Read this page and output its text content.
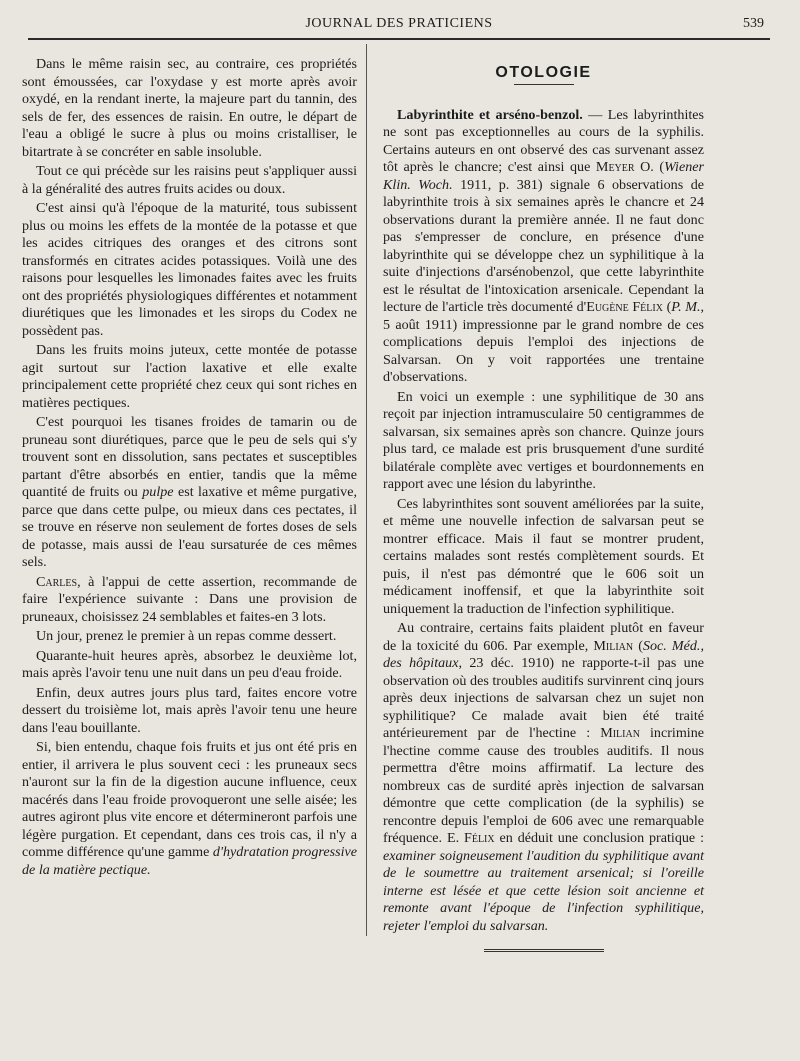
JOURNAL DES PRATICIENS	539

Dans le même raisin sec, au contraire, ces propriétés sont émoussées, car l'oxydase y est morte après avoir oxydé, en la rendant inerte, la majeure part du tannin, des sels de fer, des essences de raisin. En outre, le départ de l'eau a obligé le sucre à plus ou moins cristalliser, le bitartrate à se concréter en sable insoluble.

Tout ce qui précède sur les raisins peut s'appliquer aussi à la généralité des autres fruits acides ou doux.

C'est ainsi qu'à l'époque de la maturité, tous subissent plus ou moins les effets de la montée de la potasse et que les acides citriques des oranges et des citrons sont transformés en citrates acides potassiques. Voilà une des raisons pour lesquelles les limonades faites avec les fruits ont des propriétés physiologiques différentes et notamment diurétiques que les limonades et les sirops du Codex ne possèdent pas.

Dans les fruits moins juteux, cette montée de potasse agit surtout sur l'action laxative et elle exalte principalement cette propriété chez ceux qui sont riches en matières pectiques.

C'est pourquoi les tisanes froides de tamarin ou de pruneau sont diurétiques, parce que le peu de sels qui s'y trouvent sont en dissolution, sans pectates et susceptibles partant d'être absorbés en entier, tandis que la même quantité de fruits ou pulpe est laxative et même purgative, parce que dans cette pulpe, ou mieux dans ces pectates, il se trouve en réserve non seulement de fortes doses de sels de potasse, mais aussi de l'eau sursaturée de ces mêmes sels.

Carles, à l'appui de cette assertion, recommande de faire l'expérience suivante : Dans une provision de pruneaux, choisissez 24 semblables et faites-en 3 lots.

Un jour, prenez le premier à un repas comme dessert.

Quarante-huit heures après, absorbez le deuxième lot, mais après l'avoir tenu une nuit dans un peu d'eau froide.

Enfin, deux autres jours plus tard, faites encore votre dessert du troisième lot, mais après l'avoir tenu une heure dans l'eau bouillante.

Si, bien entendu, chaque fois fruits et jus ont été pris en entier, il arrivera le plus souvent ceci : les pruneaux secs n'auront sur la fin de la digestion aucune influence, ceux macérés dans l'eau froide provoqueront une selle aisée; les autres agiront plus vite encore et détermineront parfois une légère purgation. Et cependant, dans ces trois cas, il n'y a comme différence qu'une gamme d'hydratation progressive de la matière pectique.

OTOLOGIE

Labyrinthite et arséno-benzol. — Les labyrinthites ne sont pas exceptionnelles au cours de la syphilis. Certains auteurs en ont observé des cas survenant assez tôt après le chancre; c'est ainsi que Meyer O. (Wiener Klin. Woch. 1911, p. 381) signale 6 observations de labyrinthite trois à six semaines après le chancre et 24 observations durant la première année. Il ne faut donc pas s'empresser de conclure, en présence d'une labyrinthite qui se développe chez un syphilitique à la suite d'injections d'arsénobenzol, que cette labyrinthite est le résultat de l'intoxication arsenicale. Cependant la lecture de l'article très documenté d'Eugène Félix (P. M., 5 août 1911) impressionne par le grand nombre de ces complications depuis l'emploi des injections de Salvarsan. On y voit rapportées une trentaine d'observations.

En voici un exemple : une syphilitique de 30 ans reçoit par injection intramusculaire 50 centigrammes de salvarsan, six semaines après son chancre. Quinze jours plus tard, ce malade est pris brusquement d'une surdité bilatérale complète avec vertiges et bourdonnements en rapport avec une lésion du labyrinthe.

Ces labyrinthites sont souvent améliorées par la suite, et même une nouvelle infection de salvarsan peut se montrer efficace. Mais il faut se montrer prudent, certains malades sont restés complètement sourds. Et puis, il n'est pas démontré que le 606 soit un médicament inoffensif, et que la labyrinthite soit uniquement la traduction de l'infection syphilitique.

Au contraire, certains faits plaident plutôt en faveur de la toxicité du 606. Par exemple, Milian (Soc. Méd., des hôpitaux, 23 déc. 1910) ne rapporte-t-il pas une observation où des troubles auditifs survinrent cinq jours après deux injections de salvarsan chez un sujet non syphilitique? Ce malade avait bien été traité antérieurement par de l'hectine : Milian incrimine l'hectine comme cause des troubles auditifs. Il nous permettra d'être moins affirmatif. La lecture des nombreux cas de surdité après injection de salvarsan démontre que cette complication (de la syphilis) se rencontre depuis l'emploi de 606 avec une remarquable fréquence. E. Félix en déduit une conclusion pratique : examiner soigneusement l'audition du syphilitique avant de le soumettre au traitement arsenical; si l'oreille interne est lésée et que cette lésion soit ancienne et remonte avant l'époque de l'infection syphilitique, rejeter l'emploi du salvarsan.
